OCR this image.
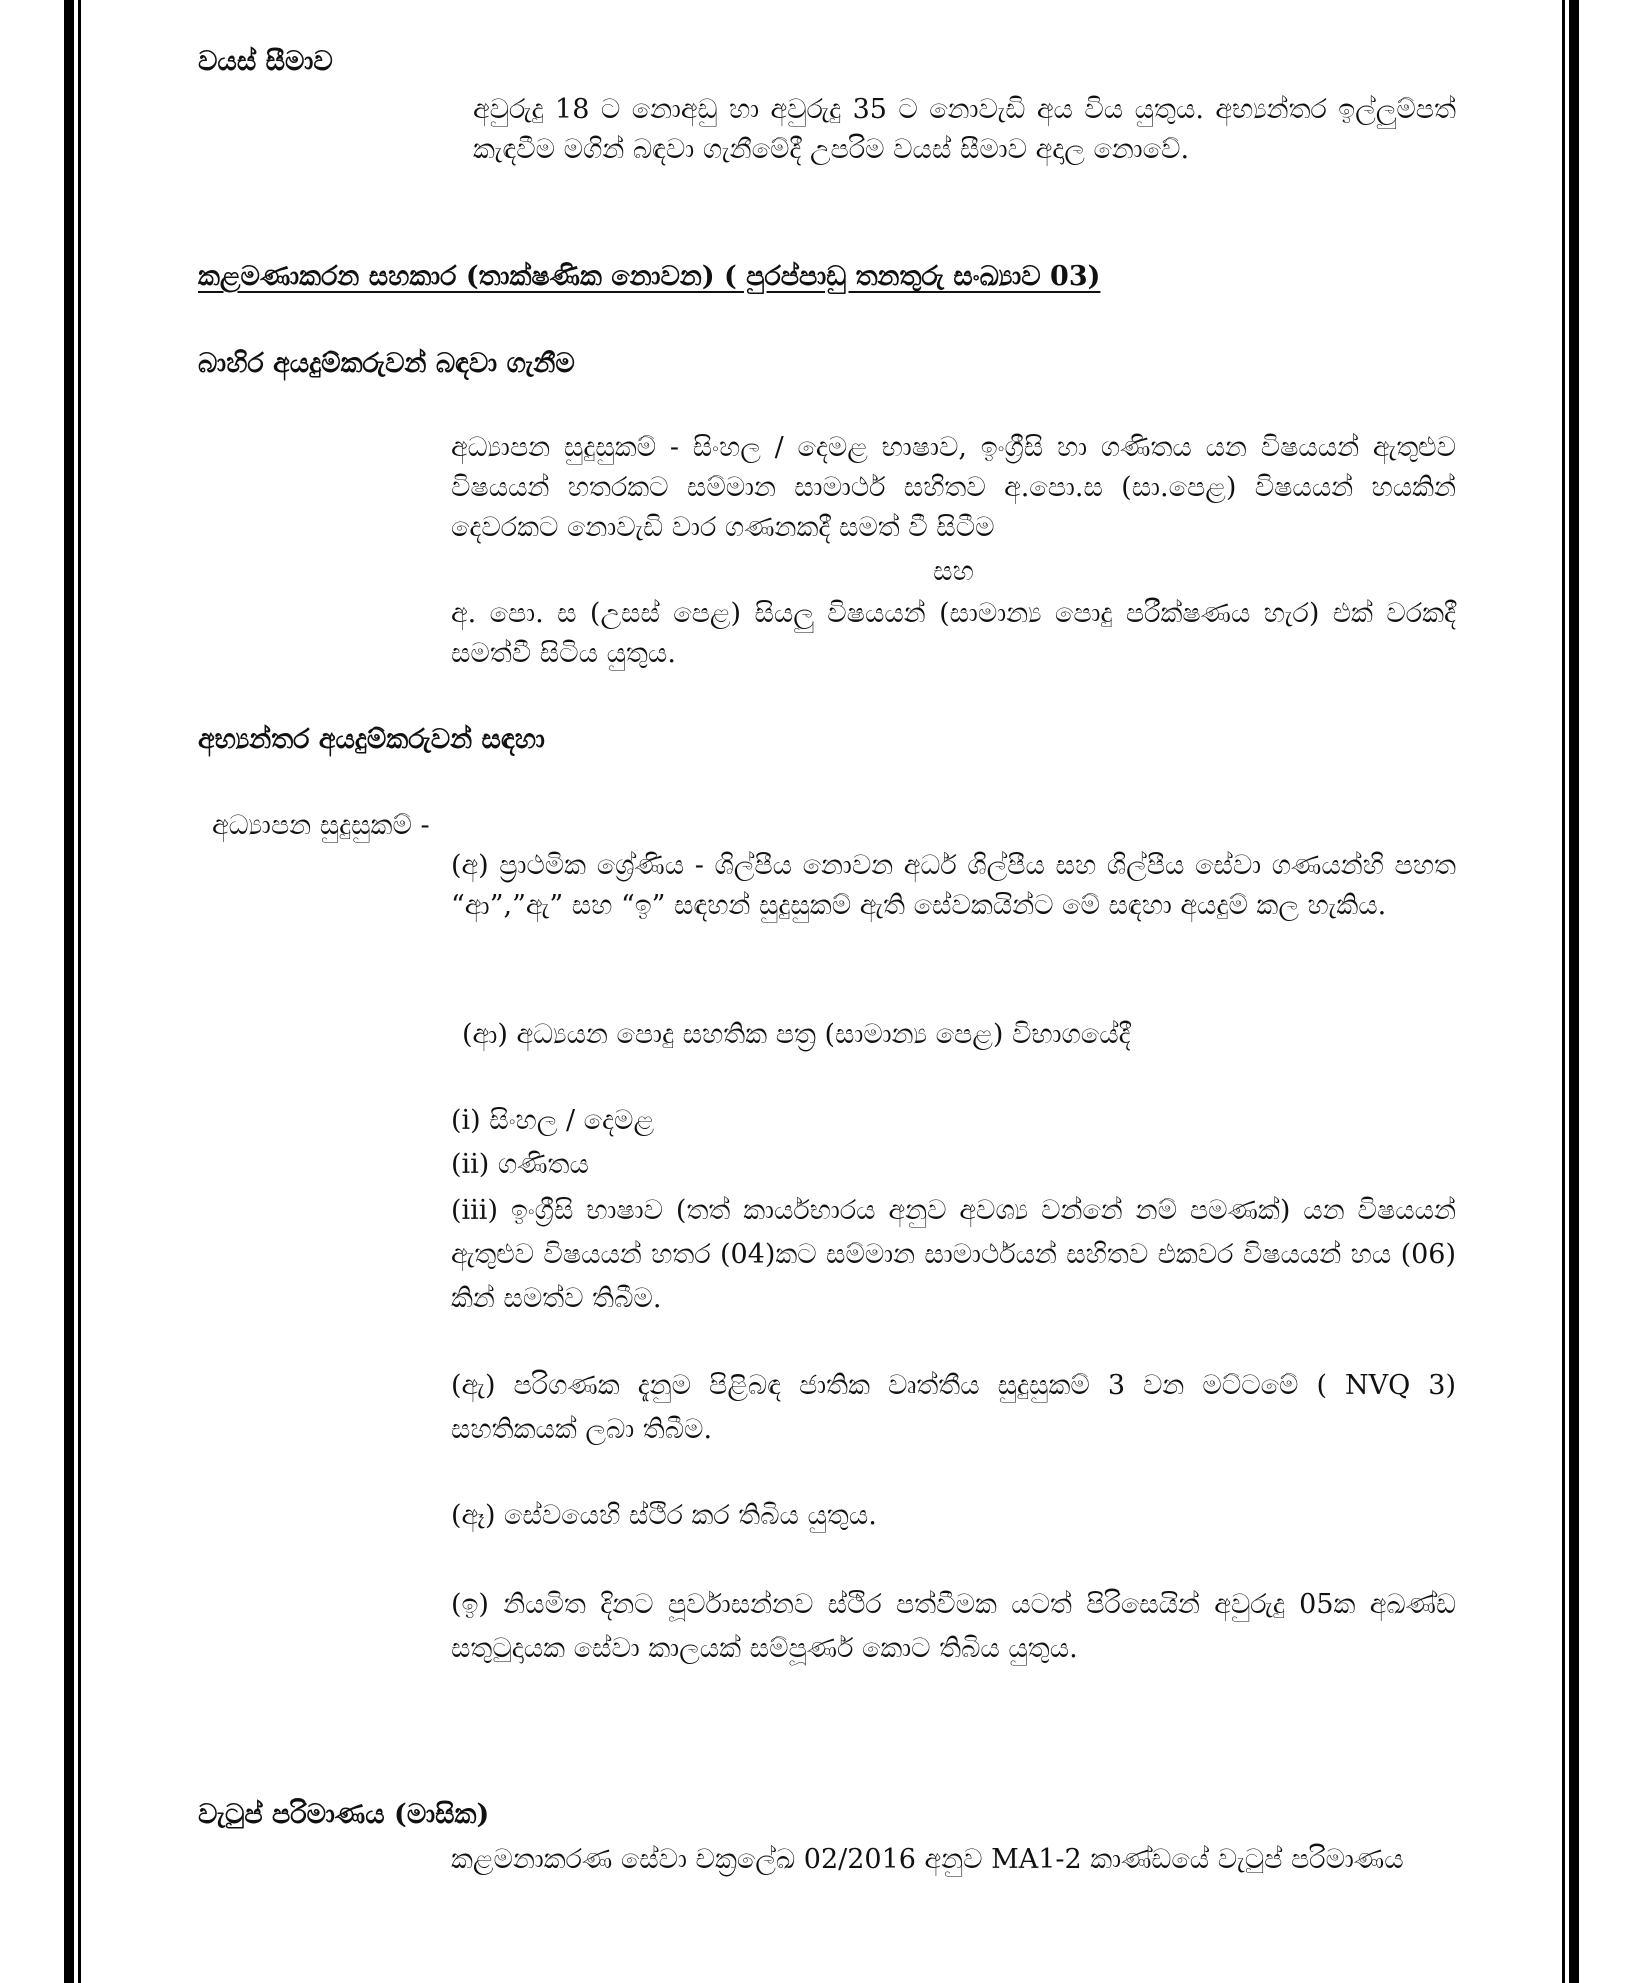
වයස් සීමාව
අවුරුදු 18 ට නොඅඩු හා අවුරුදු 35 ට නොවැඩි අය විය යුතුය. අභ්‍යන්තර ඉල්ලුම්පත් කැඳවීම මගින් බඳවා ගැනීමේදී උපරිම වයස් සීමාව අදාල නොවේ.
කළමණාකරන සහකාර (තාක්ෂණික නොවන) ( පුරප්පාඩු තනතුරු සංඛ්‍යාව 03)
බාහිර අයදුම්කරුවන් බඳවා ගැනීම
අධ්‍යාපන සුදුසුකම් - සිංහල / දෙමළ භාෂාව, ඉංග්‍රීසි හා ගණිතය යන විෂයයන් ඇතුළුව විෂයයන් හතරකට සම්මාන සාමාර්ථ සහිතව අ.පො.ස (සා.පෙළ) විෂයයන් හයකින් දෙවරකට නොවැඩි වාර ගණනකදී සමත් වී සිටීම
සහ
අ. පො. ස (උසස් පෙළ) සියලු විෂයයන් (සාමාන්‍ය පොදු පරීක්ෂණය හැර) එක් වරකදී සමත්වී සිටිය යුතුය.
අභ්‍යන්තර අයදුම්කරුවන් සඳහා
අධ්‍යාපන සුදුසුකම් -
(අ) ප්‍රාථමික ශ්‍රේණිය - ශිල්පීය නොවන අර්ධ ශිල්පීය සහ ශිල්පීය සේවා ගණයන්හි පහත “ආ”,”ඇ” සහ “ඉ” සඳහන් සුදුසුකම් ඇති සේවකයින්ට මේ සඳහා අයදුම් කල හැකිය.
(ආ) අධ්‍යයන පොදු සහතික පත්‍ර (සාමාන්‍ය පෙළ) විභාගයේදී
(i) සිංහල / දෙමළ
(ii) ගණිතය
(iii) ඉංග්‍රීසි භාෂාව (තත් කාර්යභාරය අනුව අවශ්‍ය වන්නේ නම් පමණක්) යන විෂයයන් ඇතුළුව විෂයයන් හතර (04)කට සම්මාන සාමාර්ථයන් සහිතව එකවර විෂයයන් හය (06) කින් සමත්ව තිබීම.
(ඇ) පරිගණක දැනුම පිළිබඳ ජාතික වෘත්තීය සුදුසුකම් 3 වන මට්ටමේ ( NVQ 3) සහතිකයක් ලබා තිබීම.
(ඈ) සේවයෙහි ස්ථිර කර තිබිය යුතුය.
(ඉ) නියමිත දිනට පූර්වාසන්නව ස්ථිර පත්වීමක යටත් පිරිසෙයින් අවුරුදු 05ක අඛණ්ඩ සතුටුදායක සේවා කාලයක් සම්පූර්ණ කොට තිබිය යුතුය.
වැටුප් පරිමාණය (මාසික)
කළමනාකරණ සේවා චක්‍රලේඛ 02/2016 අනුව MA1-2 කාණ්ඩයේ වැටුප් පරිමාණය
